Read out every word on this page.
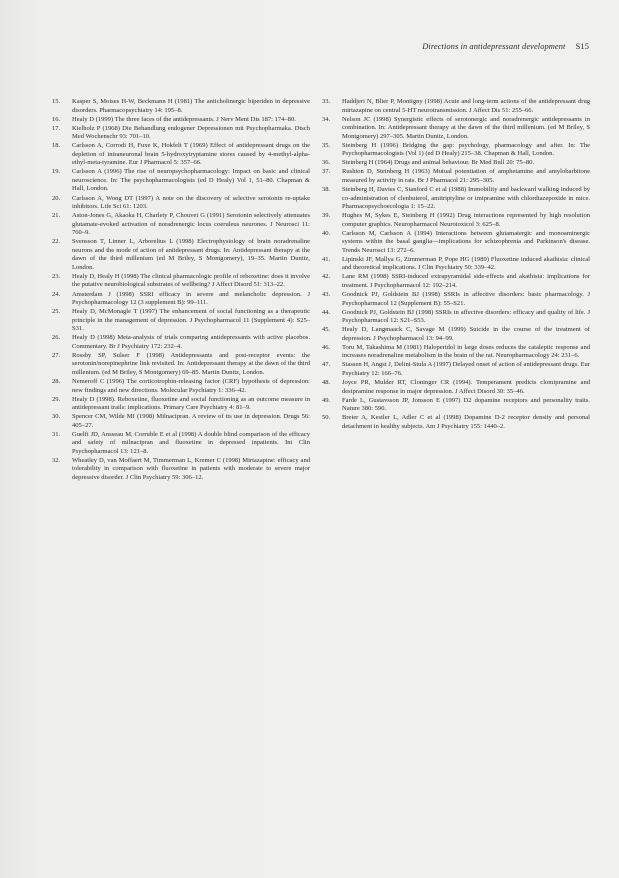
Directions in antidepressant development S15
15.	Kasper S, Moises H-W, Beckmann H (1981) The anticholinergic biperiden in depressive disorders. Pharmacopsychiatry 14: 195–8.
16.	Healy D (1999) The three faces of the antidepressants. J Nerv Ment Dis 187: 174–80.
17.	Kielholz P (1968) Die Behandlung endogener Depressionen mit Psychopharmaka. Dtsch Med Wochenschr 93: 701–10.
18.	Carlsson A, Corrodi H, Fuxe K, Hokfelt T (1969) Effect of antidepressant drugs on the depletion of intraneuronal brain 5-hydroxytryptamine stores caused by 4-methyl-alpha-ethyl-meta-tyramine. Eur J Pharmacol 5: 357–66.
19.	Carlsson A (1996) The rise of neuropsychopharmacology: Impact on basic and clinical neuroscience. In: The psychopharmacologists (ed D Healy) Vol 1, 51–80. Chapman & Hall, London.
20.	Carlsson A, Wong DT (1997) A note on the discovery of selective serotonin re-uptake inhibitors. Life Sci 61: 1203.
21.	Aston-Jones G, Akaoka H, Charlety P, Chouvet G (1991) Serotonin selectively attenuates glutamate-evoked activation of noradrenergic locus coeruleus neurones. J Neurosci 11: 760–9.
22.	Svensson T, Linner L, Arborelius L (1998) Electrophysiology of brain noradrenaline neurons and the mode of action of antidepressant drugs. In: Antidepressant therapy at the dawn of the third millenium (ed M Briley, S Montgomery), 19–35. Martin Dunitz, London.
23.	Healy D, Healy H (1998) The clinical pharmacologic profile of reboxetine: does it involve the putative neurobiological substrates of wellbeing? J Affect Disord 51: 313–22.
24.	Amsterdam J (1998) SSRI efficacy in severe and melancholic depression. J Psychopharmacology 12 (3 supplement B): 99–111.
25.	Healy D, McMonagle T (1997) The enhancement of social functioning as a therapeutic principle in the management of depression. J Psychopharmacol 11 (Supplement 4): S25–S31.
26.	Healy D (1998) Meta-analysis of trials comparing antidepressants with active placebos. Commentary. Br J Psychiatry 172: 232–4.
27.	Rossby SP, Sulser F (1998) Antidepressants and post-receptor events: the serotonin/norepinephrine link revisited. In: Antidepressant therapy at the dawn of the third millenium. (ed M Briley, S Montgomery) 69–85. Martin Dunitz, London.
28.	Nemeroff C (1996) The corticotrophin-releasing factor (CRF) hypothesis of depression: new findings and new directions. Molecular Psychiatry 1: 336–42.
29.	Healy D (1998). Reboxetine, fluoxetine and social functioning as an outcome measure in antidepressant trails: implications. Primary Care Psychiatry 4: 81–9.
30.	Spencer CM, Wilde MI (1998) Milnacipran. A review of its use in depression. Drugs 56: 405–27.
31.	Guelfi JD, Ansseau M, Corruble E et al (1998) A double blind comparison of the efficacy and safety of milnacipran and fluoxetine in depressed inpatients. Int Clin Psychopharmacol 13: 121–8.
32.	Wheatley D, van Moffaert M, Timmerman L, Kremer C (1998) Mirtazapine: efficacy and tolerability in comparison with fluoxetine in patients with moderate to severe major depressive disorder. J Clin Psychiatry 59: 306–12.
33.	Haddjeri N, Blier P, Montigny (1998) Acute and long-term actions of the antidepressant drug mirtazapine on central 5-HT neurotransmission. J Affect Dis 51: 255–66.
34.	Nelson JC (1998) Synergistic effects of serotonergic and noradrenergic antidepressants in combination. In: Antidepressant therapy at the dawn of the third millenium. (ed M Briley, S Montgomery) 297–305. Martin Dunitz, London.
35.	Steinberg H (1996) Bridging the gap: psychology, pharmacology and after. In: The Psychopharmacologists (Vol 1) (ed D Healy) 215–38. Chapman & Hall, London.
36.	Steinberg H (1964) Drugs and animal behaviour. Br Med Bull 20: 75–80.
37.	Rushton D, Steinberg H (1963) Mutual potentiation of amphetamine and amylobarbitone measured by activity in rats. Br J Pharmacol 21: 295–305.
38.	Steinberg H, Davies C, Stanford C et al (1988) Immobility and backward walking induced by co-administration of clenbuterol, amitriptyline or imipramine with chlordiazepoxide in mice. Pharmacopsychoecologia 1: 15–22.
39.	Hughes M, Sykes E, Steinberg H (1992) Drug interactions represented by high resolution computer graphics. Neuropharmacol Neurotoxicol 3: 625–8.
40.	Carlsson M, Carlsson A (1994) Interactions between glutamatergic and monoaminergic systems within the basal ganglia—implications for schizophrenia and Parkinson's disease. Trends Neurosci 13: 272–6.
41.	Lipinski JF, Mallya G, Zimmerman P, Pope HG (1989) Fluoxetine induced akathisia: clinical and theoretical implications. J Clin Psychiatry 50: 339–42.
42.	Lane RM (1998) SSRI-induced extrapyramidal side-effects and akathisia: implications for treatment. J Psychopharmacol 12: 192–214.
43.	Goodnick PJ, Goldstein BJ (1998) SSRIs in affective disorders: basic pharmacology. J Psychopharmacol 12 (Supplement B): 55–S21.
44.	Goodnick PJ, Goldstein BJ (1998) SSRIs in affective disorders: efficacy and quality of life. J Psychopharmacol 12: S21–S53.
45.	Healy D, Langmaack C, Savage M (1999) Suicide in the course of the treatment of depression. J Psychopharmacol 13: 94–99.
46.	Toru M, Takashima M (1981) Haloperidol in large doses reduces the cataleptic response and increases noradrenaline metabolism in the brain of the rat. Neuropharmacology 24: 231–6.
47.	Stassen H, Angst J, Delini-Stula A (1997) Delayed onset of action of antidepressant drugs. Eur Psychiatry 12: 166–76.
48.	Joyce PR, Mulder RT, Cloninger CR (1994). Temperament predicts clomipramine and desipramine response in major depression. J Affect Disord 30: 35–46.
49.	Farde L, Gustavsson JP, Jonsson E (1997) D2 dopamine receptors and personality traits. Nature 380: 590.
50.	Breier A, Kestler L, Adler C et al (1998) Dopamine D-2 receptor density and personal detachment in healthy subjects. Am J Psychiatry 155: 1440–2.
